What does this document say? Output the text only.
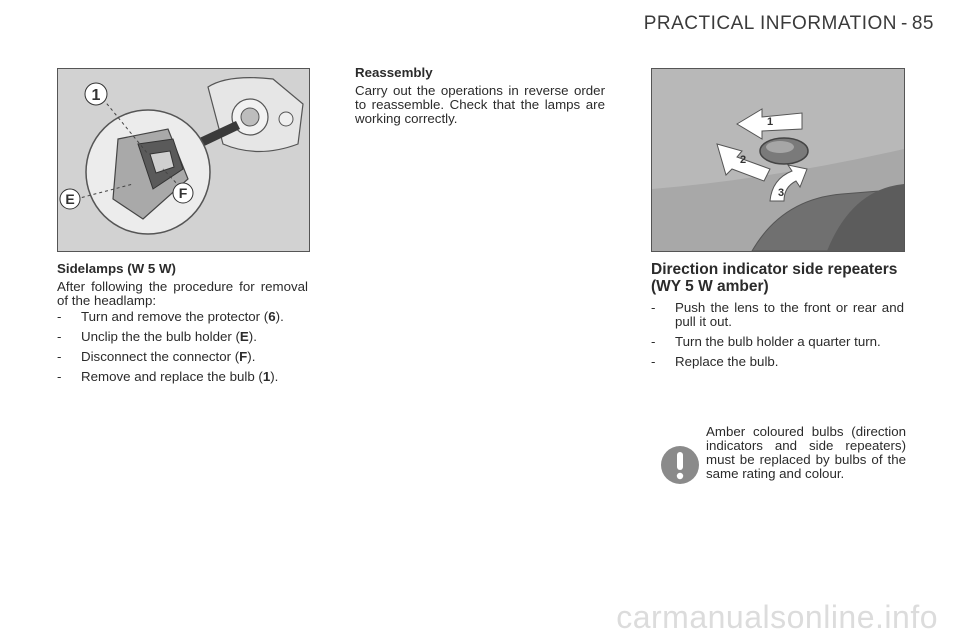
PRACTICAL INFORMATION - 85
1
E	F
1
2
3
Sidelamps (W 5 W)

After following the procedure for removal of the headlamp:

- Turn and remove the protector (6).
- Unclip the the bulb holder (E).
- Disconnect the connector (F).
- Remove and replace the bulb (1).
Reassembly

Carry out the operations in reverse order to reassemble. Check that the lamps are working correctly.

Direction indicator side repeaters (WY 5 W amber)
- Push the lens to the front or rear and pull it out.
- Turn the bulb holder a quarter turn.
- Replace the bulb.
Amber coloured bulbs (direction indicators and side repeaters) must be replaced by bulbs of the same rating and colour.
carmanualsonline.info
